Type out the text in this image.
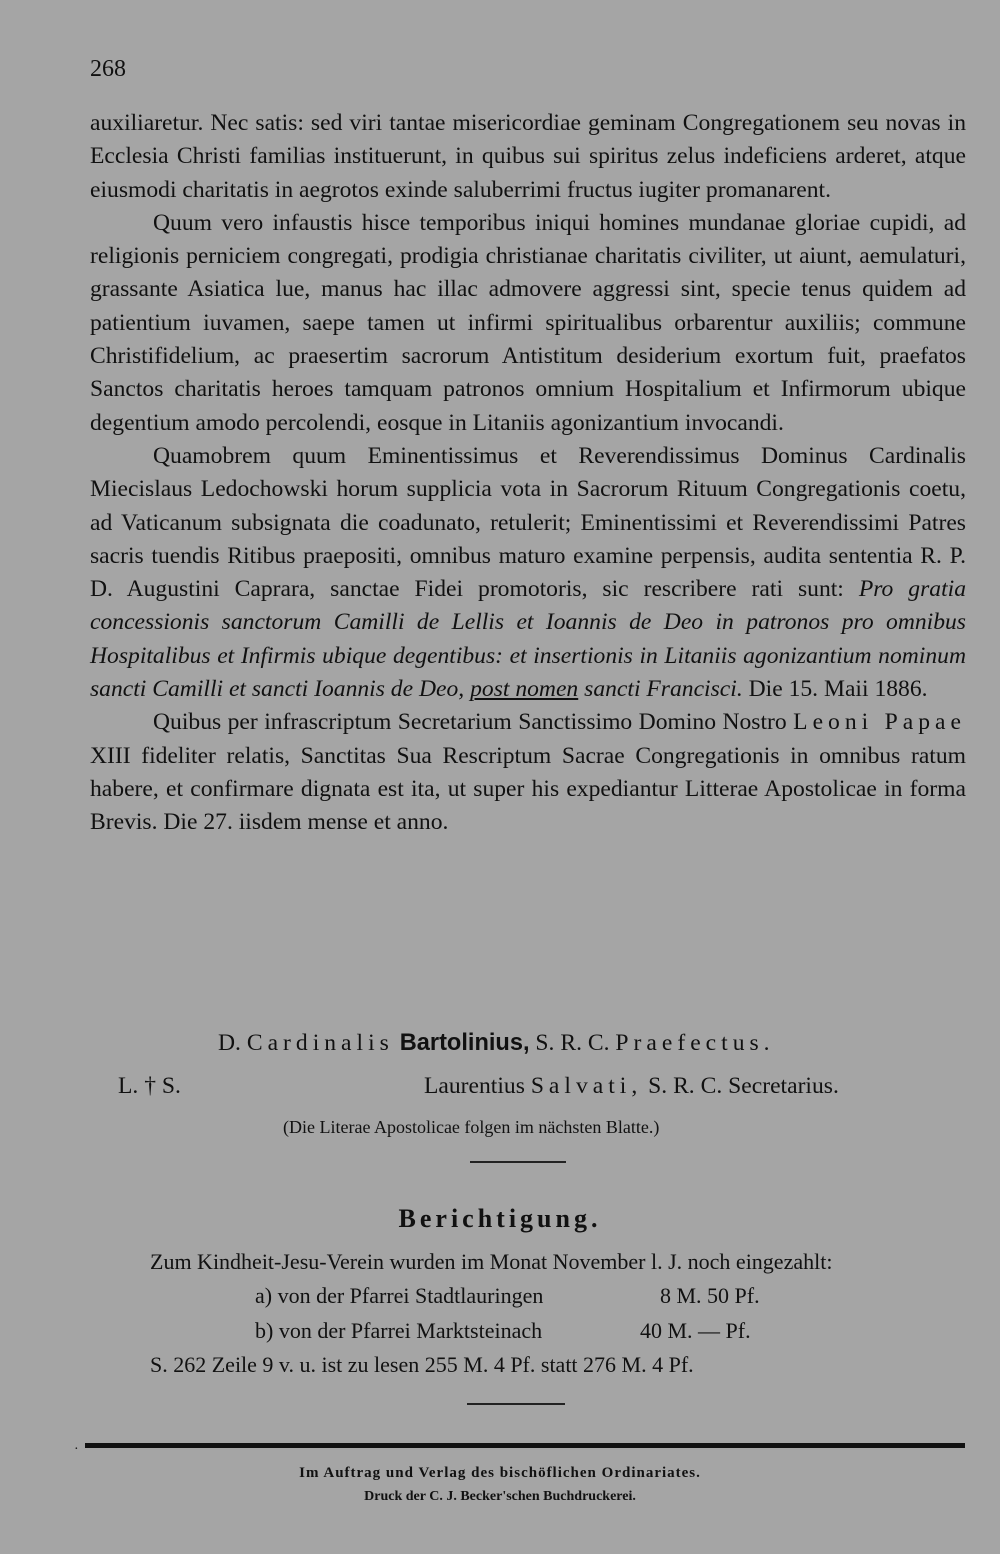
268

auxiliaretur. Nec satis: sed viri tantae misericordiae geminam Congregationem seu novas in Ecclesia Christi familias instituerunt, in quibus sui spiritus zelus indeficiens arderet, atque eiusmodi charitatis in aegrotos exinde saluberrimi fructus iugiter promanarent.

Quum vero infaustis hisce temporibus iniqui homines mundanae gloriae cupidi, ad religionis perniciem congregati, prodigia christianae charitatis civiliter, ut aiunt, aemulaturi, grassante Asiatica lue, manus hac illac admovere aggressi sint, specie tenus quidem ad patientium iuvamen, saepe tamen ut infirmi spiritualibus orbarentur auxiliis; commune Christifidelium, ac praesertim sacrorum Antistitum desiderium exortum fuit, praefatos Sanctos charitatis heroes tamquam patronos omnium Hospitalium et Infirmorum ubique degentium amodo percolendi, eosque in Litaniis agonizantium invocandi.

Quamobrem quum Eminentissimus et Reverendissimus Dominus Cardinalis Miecislaus Ledochowski horum supplicia vota in Sacrorum Rituum Congregationis coetu, ad Vaticanum subsignata die coadunato, retulerit; Eminentissimi et Reverendissimi Patres sacris tuendis Ritibus praepositi, omnibus maturo examine perpensis, audita sententia R. P. D. Augustini Caprara, sanctae Fidei promotoris, sic rescribere rati sunt: Pro gratia concessionis sanctorum Camilli de Lellis et Ioannis de Deo in patronos pro omnibus Hospitalibus et Infirmis ubique degentibus: et insertionis in Litaniis agonizantium nominum sancti Camilli et sancti Ioannis de Deo, post nomen sancti Francisci. Die 15. Maii 1886.

Quibus per infrascriptum Secretarium Sanctissimo Domino Nostro Leoni Papae XIII fideliter relatis, Sanctitas Sua Rescriptum Sacrae Congregationis in omnibus ratum habere, et confirmare dignata est ita, ut super his expediantur Litterae Apostolicae in forma Brevis. Die 27. iisdem mense et anno.

D. Cardinalis Bartolinius, S. R. C. Praefectus.
L. † S.	Laurentius Salvati, S. R. C. Secretarius.
(Die Literae Apostolicae folgen im nächsten Blatte.)
Berichtigung.
Zum Kindheit-Jesu-Verein wurden im Monat November l. J. noch eingezahlt:
a) von der Pfarrei Stadtlauringen	8 M. 50 Pf.
b) von der Pfarrei Marktsteinach	40 M. — Pf.
S. 262 Zeile 9 v. u. ist zu lesen 255 M. 4 Pf. statt 276 M. 4 Pf.
·
Im Auftrag und Verlag des bischöflichen Ordinariates.
Druck der C. J. Becker'schen Buchdruckerei.
